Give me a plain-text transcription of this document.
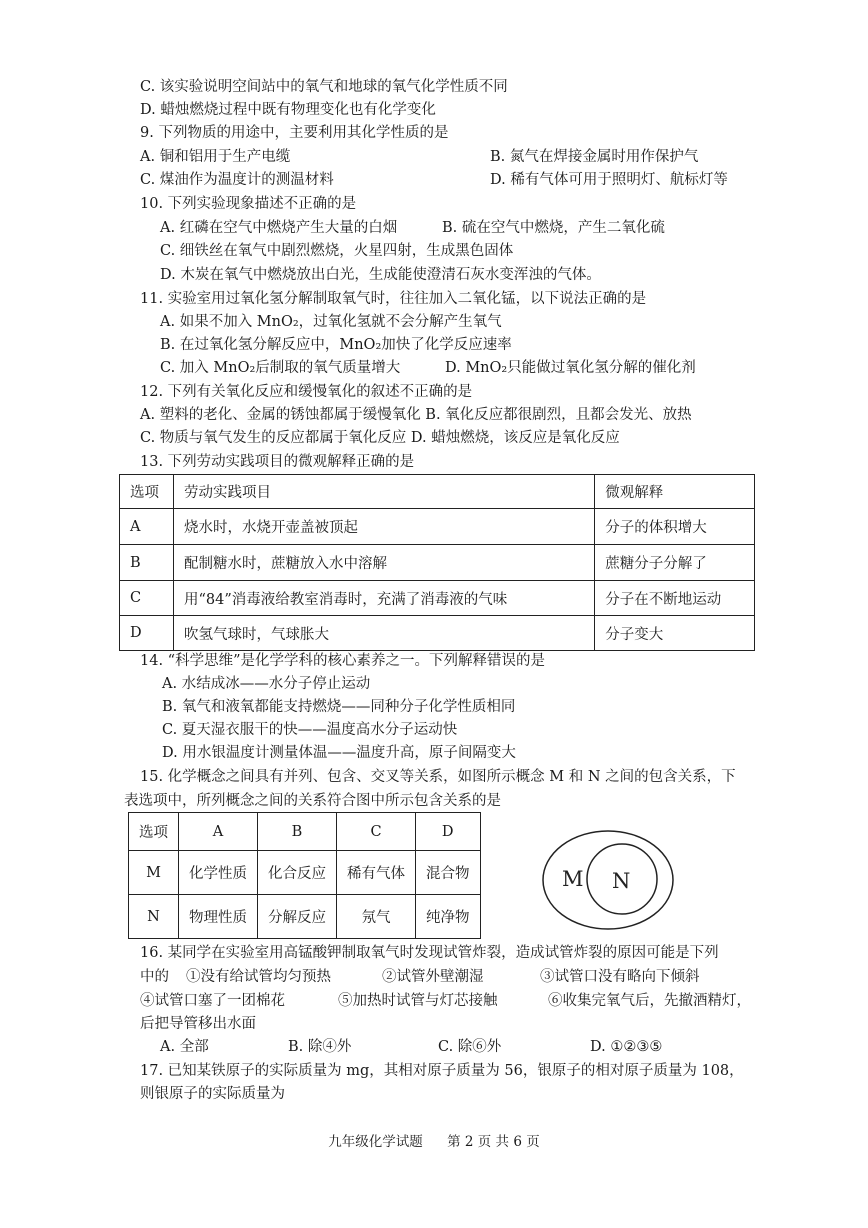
C. 该实验说明空间站中的氧气和地球的氧气化学性质不同
D. 蜡烛燃烧过程中既有物理变化也有化学变化
9. 下列物质的用途中，主要利用其化学性质的是
A. 铜和铝用于生产电缆	B. 氮气在焊接金属时用作保护气
C. 煤油作为温度计的测温材料	D. 稀有气体可用于照明灯、航标灯等
10. 下列实验现象描述不正确的是
A. 红磷在空气中燃烧产生大量的白烟	B. 硫在空气中燃烧，产生二氧化硫
C. 细铁丝在氧气中剧烈燃烧，火星四射，生成黑色固体
D. 木炭在氧气中燃烧放出白光，生成能使澄清石灰水变浑浊的气体。
11. 实验室用过氧化氢分解制取氧气时，往往加入二氧化锰，以下说法正确的是
A. 如果不加入 MnO₂，过氧化氢就不会分解产生氧气
B. 在过氧化氢分解反应中，MnO₂加快了化学反应速率
C. 加入 MnO₂后制取的氧气质量增大	D. MnO₂只能做过氧化氢分解的催化剂
12. 下列有关氧化反应和缓慢氧化的叙述不正确的是
A. 塑料的老化、金属的锈蚀都属于缓慢氧化 B. 氧化反应都很剧烈，且都会发光、放热
C. 物质与氧气发生的反应都属于氧化反应 D. 蜡烛燃烧，该反应是氧化反应
13. 下列劳动实践项目的微观解释正确的是
选项	劳动实践项目	微观解释
A	烧水时，水烧开壶盖被顶起	分子的体积增大
B	配制糖水时，蔗糖放入水中溶解	蔗糖分子分解了
C	用“84”消毒液给教室消毒时，充满了消毒液的气味	分子在不断地运动
D	吹氢气球时，气球胀大	分子变大
14. “科学思维”是化学学科的核心素养之一。下列解释错误的是
A. 水结成冰——水分子停止运动
B. 氧气和液氧都能支持燃烧——同种分子化学性质相同
C. 夏天湿衣服干的快——温度高水分子运动快
D. 用水银温度计测量体温——温度升高，原子间隔变大
15. 化学概念之间具有并列、包含、交叉等关系，如图所示概念 M 和 N 之间的包含关系，下
表选项中，所列概念之间的关系符合图中所示包含关系的是
选项	A	B	C	D
M	化学性质	化合反应	稀有气体	混合物
N	物理性质	分解反应	氖气	纯净物
M N
16. 某同学在实验室用高锰酸钾制取氧气时发现试管炸裂，造成试管炸裂的原因可能是下列
中的 ①没有给试管均匀预热	②试管外壁潮湿	③试管口没有略向下倾斜
④试管口塞了一团棉花	⑤加热时试管与灯芯接触	⑥收集完氧气后，先撤酒精灯，
后把导管移出水面
A. 全部	B. 除④外	C. 除⑥外	D. ①②③⑤
17. 已知某铁原子的实际质量为 mg，其相对原子质量为 56，银原子的相对原子质量为 108，
则银原子的实际质量为
九年级化学试题 第 2 页 共 6 页
